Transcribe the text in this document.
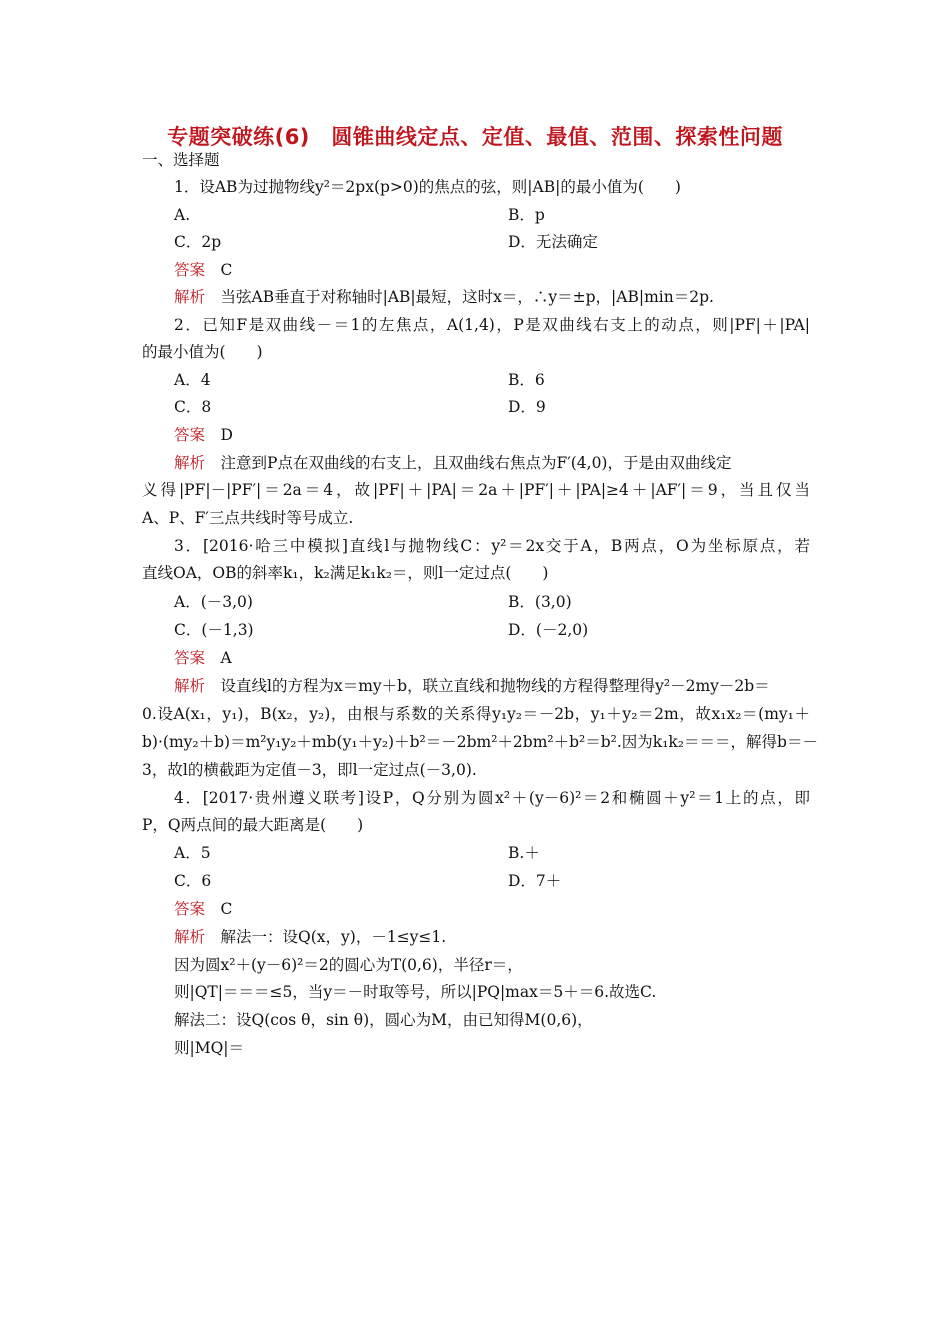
专题突破练(6)　圆锥曲线定点、定值、最值、范围、探索性问题
一、选择题
1．设AB为过抛物线y²＝2px(p>0)的焦点的弦，则|AB|的最小值为(　　)
A.	B．p
C．2p	D．无法确定
答案　 C
解析　 当弦AB垂直于对称轴时|AB|最短，这时x＝，∴y＝±p，|AB|min＝2p.
2．已知F是双曲线－＝1的左焦点，A(1,4)，P是双曲线右支上的动点，则|PF|＋|PA|
的最小值为(　　)
A．4	B．6
C．8	D．9
答案　 D
解析　 注意到P点在双曲线的右支上，且双曲线右焦点为F′(4,0)，于是由双曲线定
义得|PF|－|PF′|＝2a＝4，故|PF|＋|PA|＝2a＋|PF′|＋|PA|≥4＋|AF′|＝9，当且仅当
A、P、F′三点共线时等号成立.
3．[2016·哈三中模拟]直线l与抛物线C：y²＝2x交于A，B两点，O为坐标原点，若
直线OA，OB的斜率k₁，k₂满足k₁k₂＝，则l一定过点(　　)
A．(－3,0)	B．(3,0)
C．(－1,3)	D．(－2,0)
答案　 A
解析　 设直线l的方程为x＝my＋b，联立直线和抛物线的方程得整理得y²－2my－2b＝
0.设A(x₁，y₁)，B(x₂，y₂)，由根与系数的关系得y₁y₂＝－2b，y₁＋y₂＝2m，故x₁x₂＝(my₁＋
b)·(my₂＋b)＝m²y₁y₂＋mb(y₁＋y₂)＋b²＝－2bm²＋2bm²＋b²＝b².因为k₁k₂＝＝＝，解得b＝－
3，故l的横截距为定值－3，即l一定过点(－3,0).
4．[2017·贵州遵义联考]设P，Q分别为圆x²＋(y－6)²＝2和椭圆＋y²＝1上的点，即
P，Q两点间的最大距离是(　　)
A．5	B.＋
C．6	D．7＋
答案　 C
解析　 解法一：设Q(x，y)，－1≤y≤1.
因为圆x²＋(y－6)²＝2的圆心为T(0,6)，半径r＝，
则|QT|＝＝＝≤5，当y＝－时取等号，所以|PQ|max＝5＋＝6.故选C.
解法二：设Q(cos θ，sin θ)，圆心为M，由已知得M(0,6)，
则|MQ|＝
